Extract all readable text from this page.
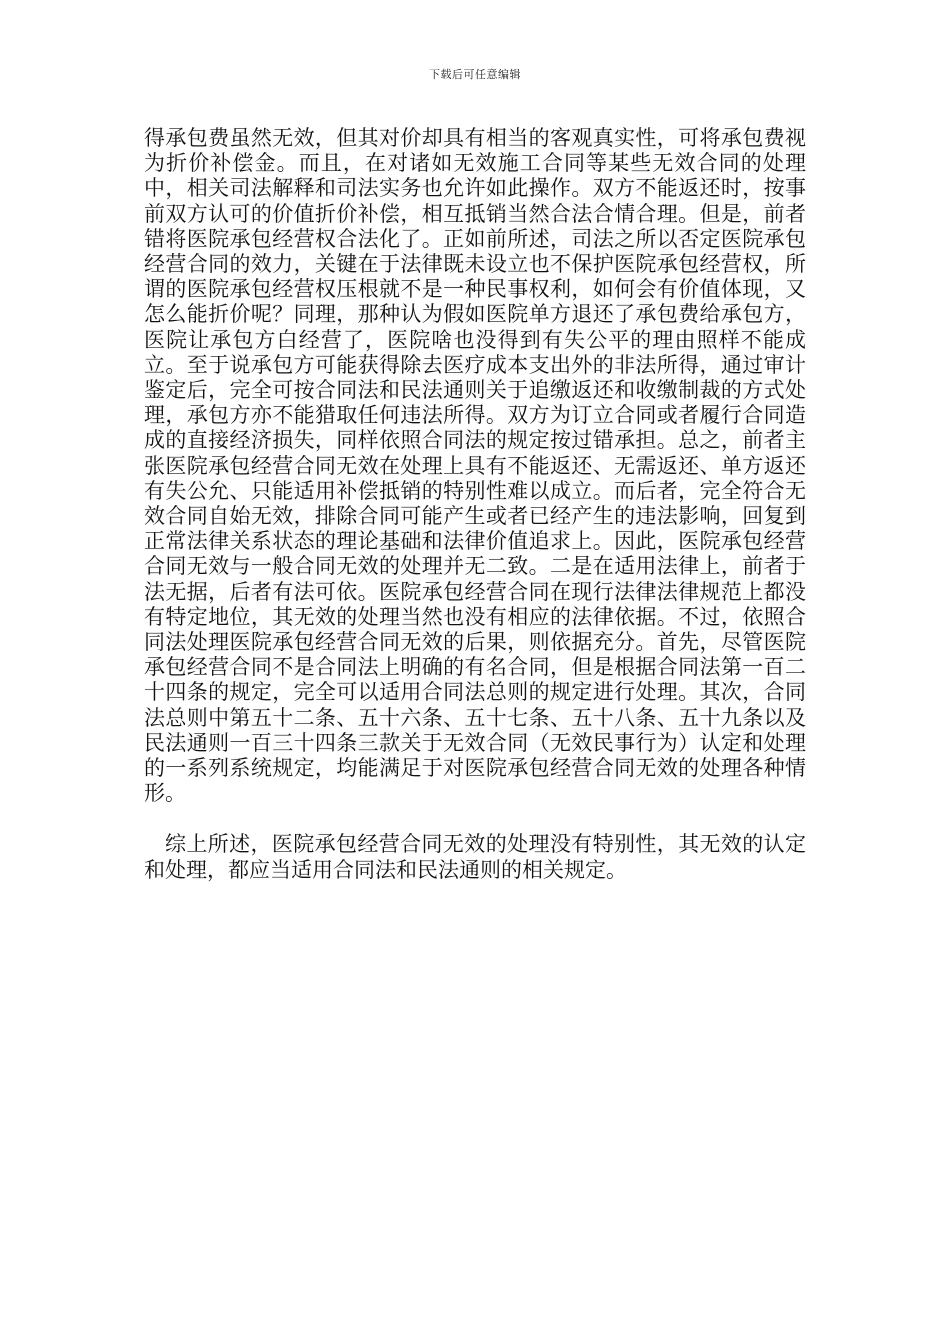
下载后可任意编辑

得承包费虽然无效，但其对价却具有相当的客观真实性，可将承包费视为折价补偿金。而且，在对诸如无效施工合同等某些无效合同的处理中，相关司法解释和司法实务也允许如此操作。双方不能返还时，按事前双方认可的价值折价补偿，相互抵销当然合法合情合理。但是，前者错将医院承包经营权合法化了。正如前所述，司法之所以否定医院承包经营合同的效力，关键在于法律既未设立也不保护医院承包经营权，所谓的医院承包经营权压根就不是一种民事权利，如何会有价值体现，又怎么能折价呢？同理，那种认为假如医院单方退还了承包费给承包方，医院让承包方白经营了，医院啥也没得到有失公平的理由照样不能成立。至于说承包方可能获得除去医疗成本支出外的非法所得，通过审计鉴定后，完全可按合同法和民法通则关于追缴返还和收缴制裁的方式处理，承包方亦不能猎取任何违法所得。双方为订立合同或者履行合同造成的直接经济损失，同样依照合同法的规定按过错承担。总之，前者主张医院承包经营合同无效在处理上具有不能返还、无需返还、单方返还有失公允、只能适用补偿抵销的特别性难以成立。而后者，完全符合无效合同自始无效，排除合同可能产生或者已经产生的违法影响，回复到正常法律关系状态的理论基础和法律价值追求上。因此，医院承包经营合同无效与一般合同无效的处理并无二致。二是在适用法律上，前者于法无据，后者有法可依。医院承包经营合同在现行法律法律规范上都没有特定地位，其无效的处理当然也没有相应的法律依据。不过，依照合同法处理医院承包经营合同无效的后果，则依据充分。首先，尽管医院承包经营合同不是合同法上明确的有名合同，但是根据合同法第一百二十四条的规定，完全可以适用合同法总则的规定进行处理。其次，合同法总则中第五十二条、五十六条、五十七条、五十八条、五十九条以及民法通则一百三十四条三款关于无效合同（无效民事行为）认定和处理的一系列系统规定，均能满足于对医院承包经营合同无效的处理各种情形。

综上所述，医院承包经营合同无效的处理没有特别性，其无效的认定和处理，都应当适用合同法和民法通则的相关规定。
